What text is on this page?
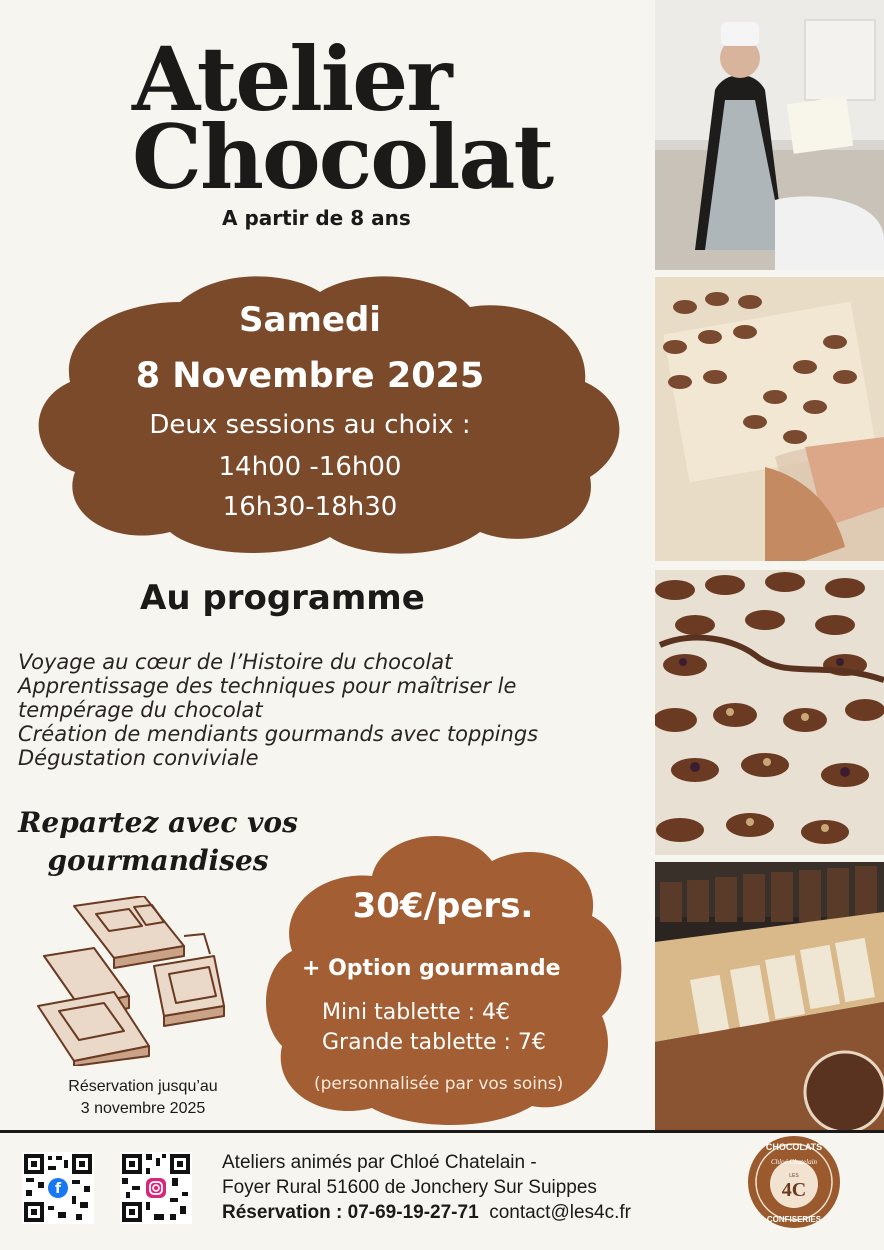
Atelier
Chocolat
A partir de 8 ans
Samedi
8 Novembre 2025
Deux sessions au choix :
14h00 -16h00
16h30-18h30
Au programme
Voyage au cœur de l’Histoire du chocolat
Apprentissage des techniques pour maîtriser le
tempérage du chocolat
Création de mendiants gourmands avec toppings
Dégustation conviviale
Repartez avec vos
gourmandises
Réservation jusqu’au
3 novembre 2025
30€/pers.
+ Option gourmande
Mini tablette : 4€
Grande tablette : 7€
(personnalisée par vos soins)
f
Ateliers animés par Chloé Chatelain -
Foyer Rural 51600 de Jonchery Sur Suippes
Réservation : 07-69-19-27-71 contact@les4c.fr
CHOCOLATS
Chloé Chatelain
LES
4C
CONFISERIES
